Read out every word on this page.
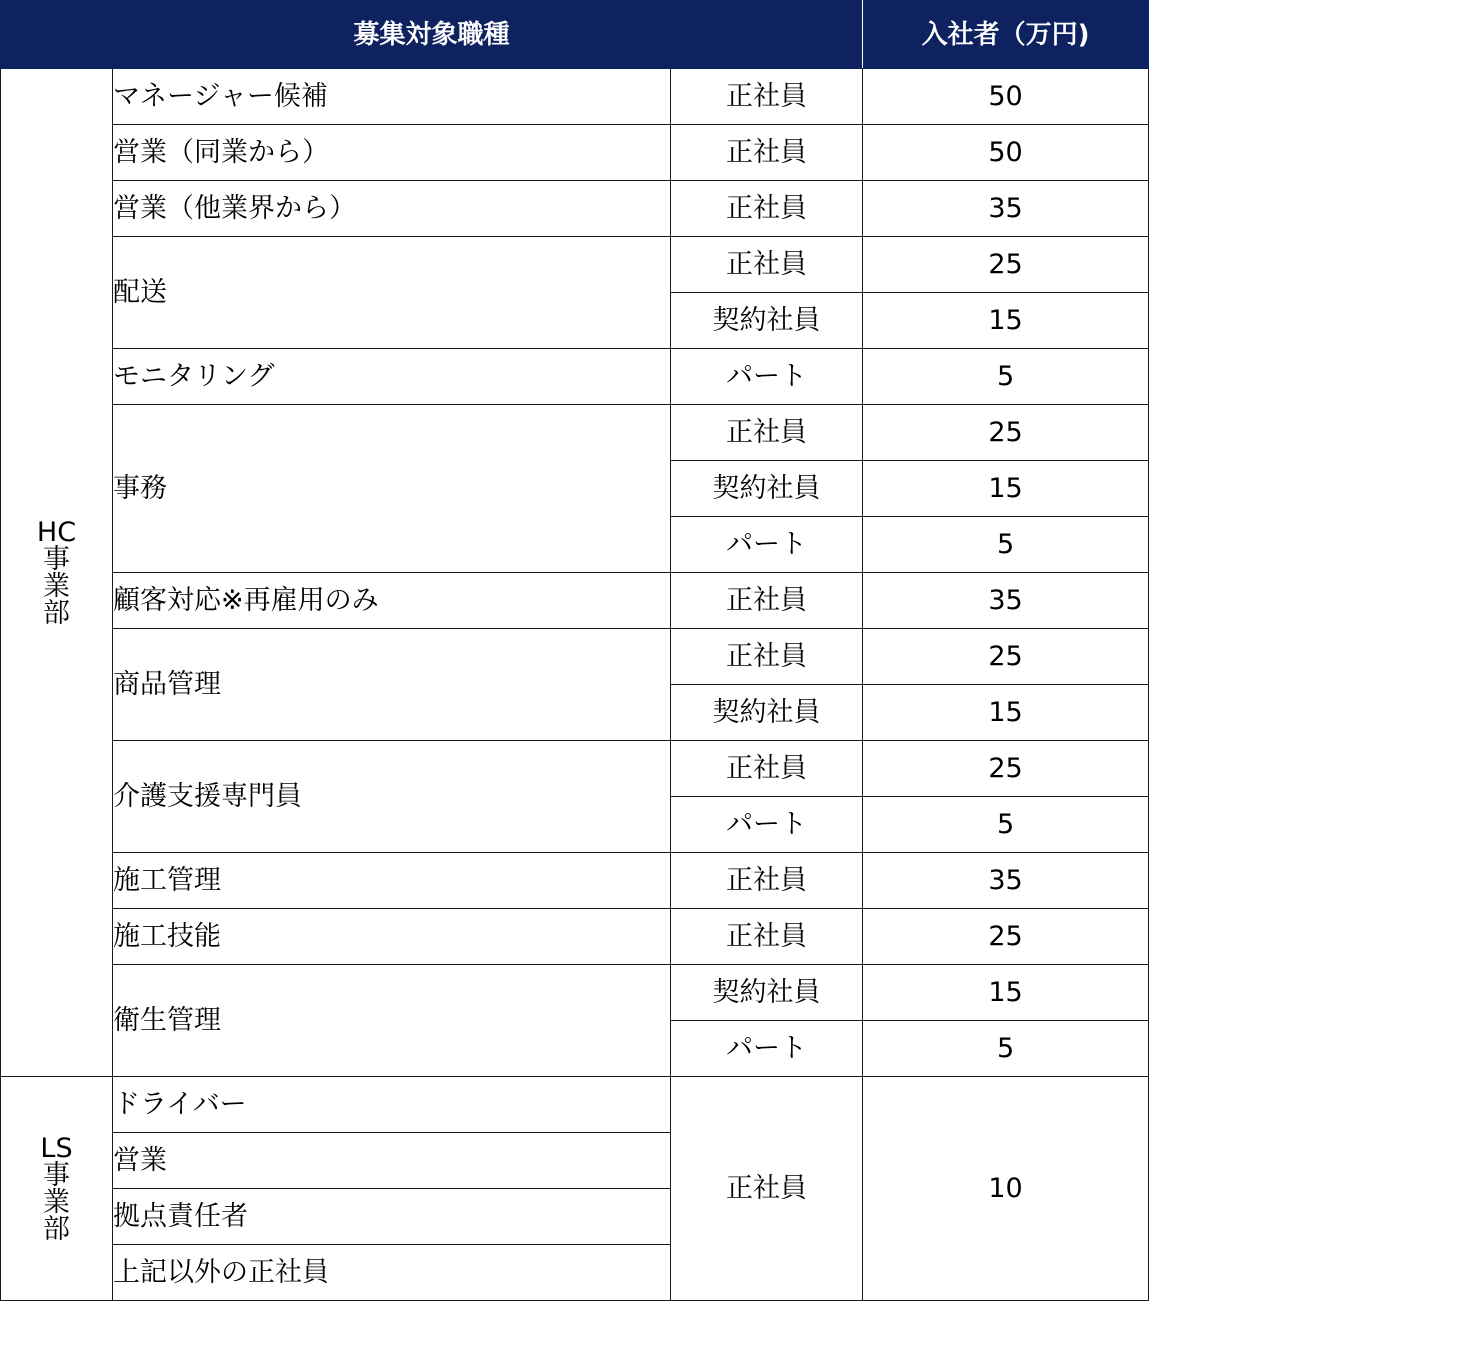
募集対象職種			入社者（万円)

HC
事
業
部	マネージャー候補	正社員	50
	営業（同業から）	正社員	50
	営業（他業界から）	正社員	35
	配送	正社員	25
		契約社員	15
	モニタリング	パート	5
	事務	正社員	25
		契約社員	15
		パート	5
	顧客対応※再雇用のみ	正社員	35
	商品管理	正社員	25
		契約社員	15
	介護支援専門員	正社員	25
		パート	5
	施工管理	正社員	35
	施工技能	正社員	25
	衛生管理	契約社員	15
		パート	5

LS
事
業
部	ドライバー	正社員	10
	営業		
	拠点責任者		
	上記以外の正社員		
